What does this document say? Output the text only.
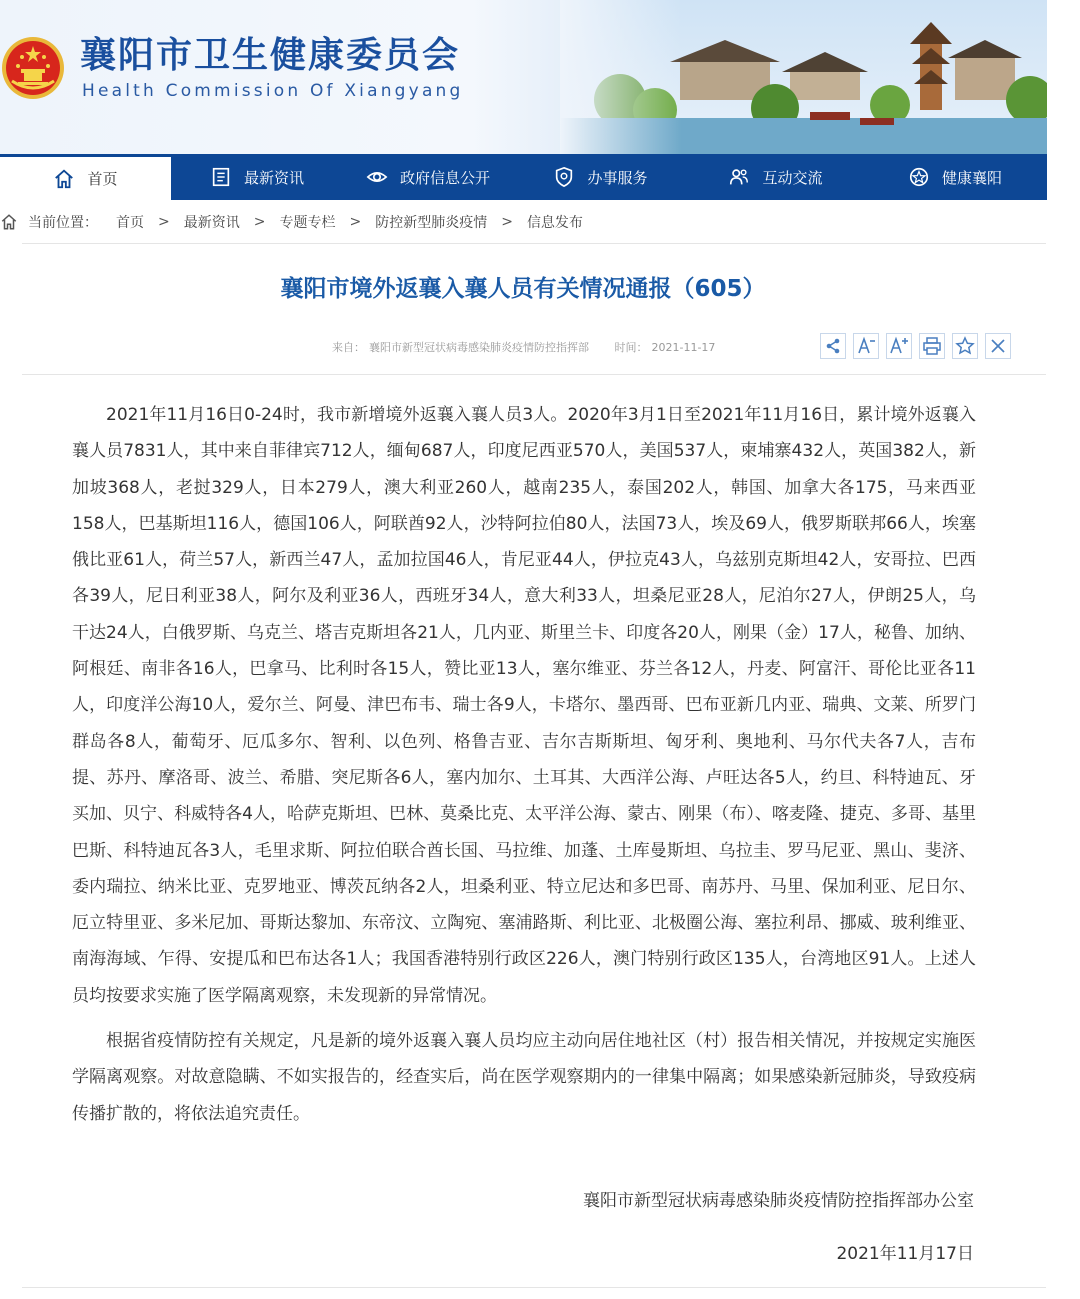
襄阳市卫生健康委员会
Health Commission Of Xiangyang
首页	最新资讯	政府信息公开	办事服务	互动交流	健康襄阳
当前位置： 首页 > 最新资讯 > 专题专栏 > 防控新型肺炎疫情 > 信息发布
襄阳市境外返襄入襄人员有关情况通报（605）
来自： 襄阳市新型冠状病毒感染肺炎疫情防控指挥部 时间： 2021-11-17

2021年11月16日0-24时，我市新增境外返襄入襄人员3人。2020年3月1日至2021年11月16日，累计境外返襄入襄人员7831人，其中来自菲律宾712人，缅甸687人，印度尼西亚570人，美国537人，柬埔寨432人，英国382人，新加坡368人，老挝329人，日本279人，澳大利亚260人，越南235人，泰国202人，韩国、加拿大各175，马来西亚158人，巴基斯坦116人，德国106人，阿联酋92人，沙特阿拉伯80人，法国73人，埃及69人，俄罗斯联邦66人，埃塞俄比亚61人，荷兰57人，新西兰47人，孟加拉国46人，肯尼亚44人，伊拉克43人，乌兹别克斯坦42人，安哥拉、巴西各39人，尼日利亚38人，阿尔及利亚36人，西班牙34人，意大利33人，坦桑尼亚28人，尼泊尔27人，伊朗25人，乌干达24人，白俄罗斯、乌克兰、塔吉克斯坦各21人，几内亚、斯里兰卡、印度各20人，刚果（金）17人，秘鲁、加纳、阿根廷、南非各16人，巴拿马、比利时各15人，赞比亚13人，塞尔维亚、芬兰各12人，丹麦、阿富汗、哥伦比亚各11人，印度洋公海10人，爱尔兰、阿曼、津巴布韦、瑞士各9人，卡塔尔、墨西哥、巴布亚新几内亚、瑞典、文莱、所罗门群岛各8人，葡萄牙、厄瓜多尔、智利、以色列、格鲁吉亚、吉尔吉斯斯坦、匈牙利、奥地利、马尔代夫各7人，吉布提、苏丹、摩洛哥、波兰、希腊、突尼斯各6人，塞内加尔、土耳其、大西洋公海、卢旺达各5人，约旦、科特迪瓦、牙买加、贝宁、科威特各4人，哈萨克斯坦、巴林、莫桑比克、太平洋公海、蒙古、刚果（布）、喀麦隆、捷克、多哥、基里巴斯、科特迪瓦各3人，毛里求斯、阿拉伯联合酋长国、马拉维、加蓬、土库曼斯坦、乌拉圭、罗马尼亚、黑山、斐济、委内瑞拉、纳米比亚、克罗地亚、博茨瓦纳各2人，坦桑利亚、特立尼达和多巴哥、南苏丹、马里、保加利亚、尼日尔、厄立特里亚、多米尼加、哥斯达黎加、东帝汶、立陶宛、塞浦路斯、利比亚、北极圈公海、塞拉利昂、挪威、玻利维亚、南海海域、乍得、安提瓜和巴布达各1人；我国香港特别行政区226人，澳门特别行政区135人，台湾地区91人。上述人员均按要求实施了医学隔离观察，未发现新的异常情况。

根据省疫情防控有关规定，凡是新的境外返襄入襄人员均应主动向居住地社区（村）报告相关情况，并按规定实施医学隔离观察。对故意隐瞒、不如实报告的，经查实后，尚在医学观察期内的一律集中隔离；如果感染新冠肺炎，导致疫病传播扩散的，将依法追究责任。

襄阳市新型冠状病毒感染肺炎疫情防控指挥部办公室
2021年11月17日
